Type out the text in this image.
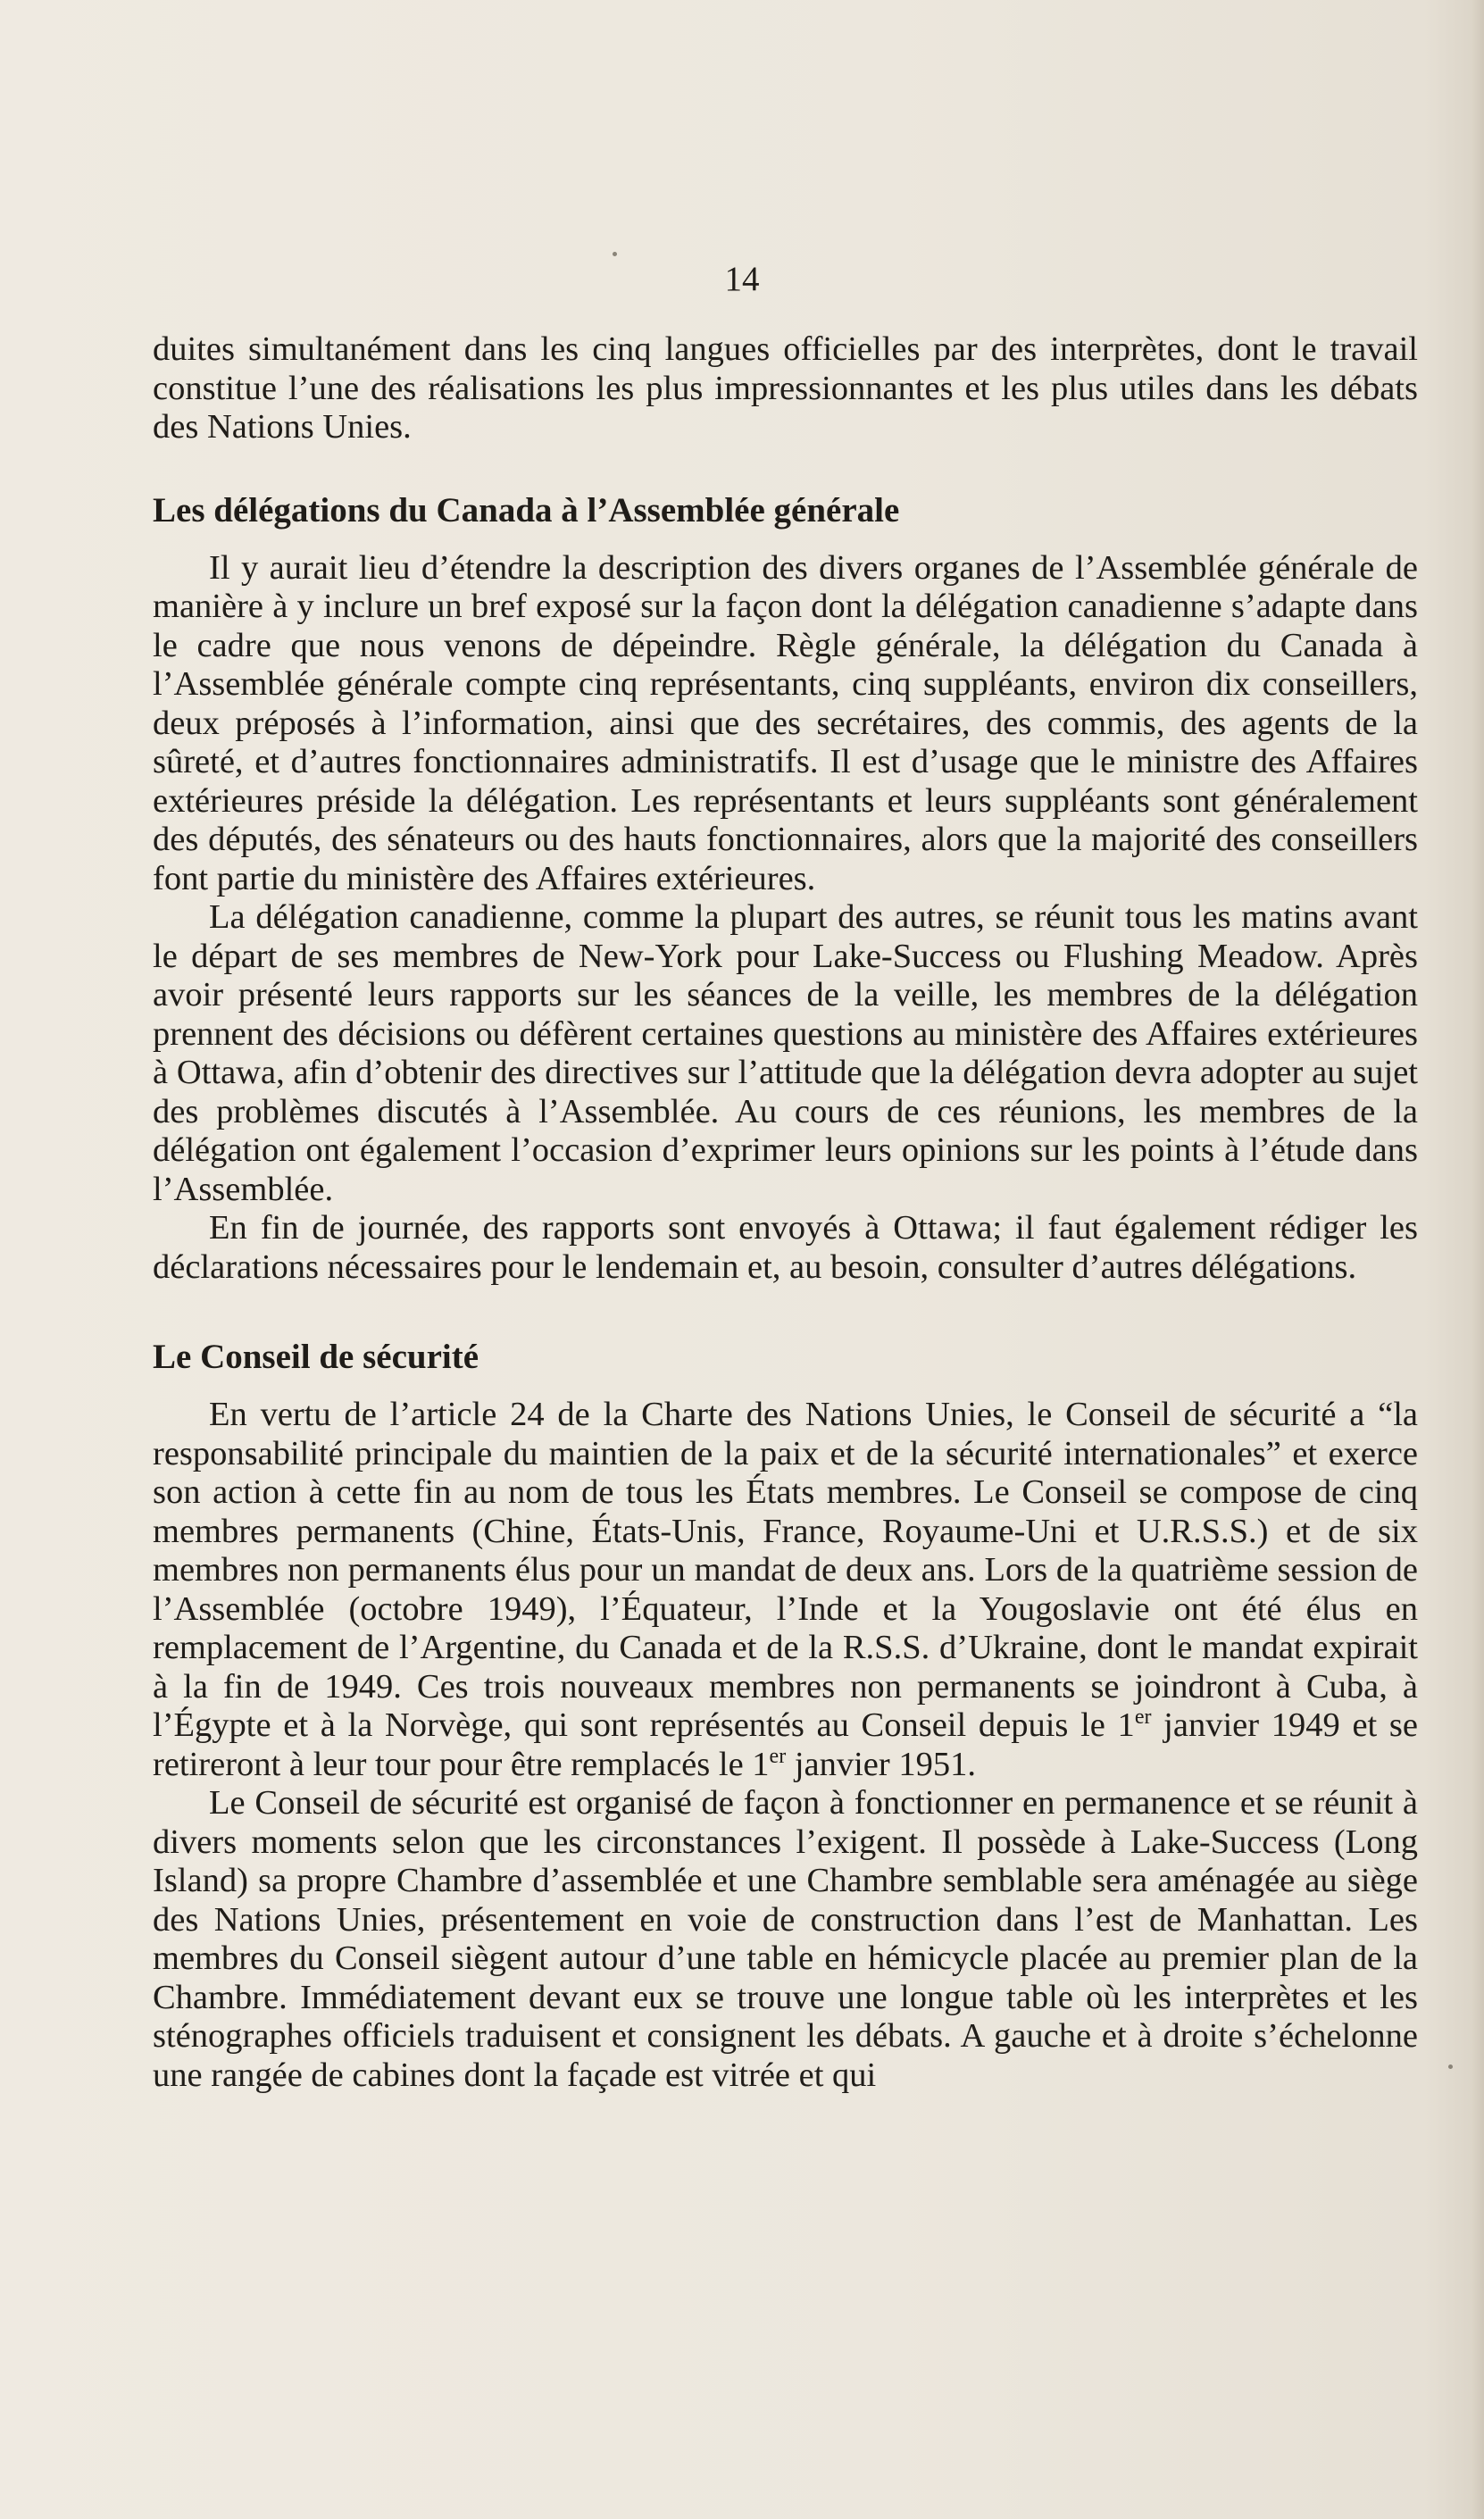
14

duites simultanément dans les cinq langues officielles par des interprètes, dont le travail constitue l’une des réalisations les plus impressionnantes et les plus utiles dans les débats des Nations Unies.

Les délégations du Canada à l’Assemblée générale

Il y aurait lieu d’étendre la description des divers organes de l’Assemblée générale de manière à y inclure un bref exposé sur la façon dont la délégation canadienne s’adapte dans le cadre que nous venons de dépeindre. Règle générale, la délégation du Canada à l’Assemblée générale compte cinq représentants, cinq suppléants, environ dix conseillers, deux préposés à l’information, ainsi que des secrétaires, des commis, des agents de la sûreté, et d’autres fonctionnaires administratifs. Il est d’usage que le ministre des Affaires extérieures préside la délégation. Les représentants et leurs suppléants sont généralement des députés, des sénateurs ou des hauts fonctionnaires, alors que la majorité des conseillers font partie du ministère des Affaires extérieures.

La délégation canadienne, comme la plupart des autres, se réunit tous les matins avant le départ de ses membres de New-York pour Lake-Success ou Flushing Meadow. Après avoir présenté leurs rapports sur les séances de la veille, les membres de la délégation prennent des décisions ou défèrent certaines questions au ministère des Affaires extérieures à Ottawa, afin d’obtenir des directives sur l’attitude que la délégation devra adopter au sujet des problèmes discutés à l’Assemblée. Au cours de ces réunions, les membres de la délégation ont également l’occasion d’exprimer leurs opinions sur les points à l’étude dans l’Assemblée.

En fin de journée, des rapports sont envoyés à Ottawa; il faut également rédiger les déclarations nécessaires pour le lendemain et, au besoin, consulter d’autres délégations.

Le Conseil de sécurité

En vertu de l’article 24 de la Charte des Nations Unies, le Conseil de sécurité a “la responsabilité principale du maintien de la paix et de la sécurité internationales” et exerce son action à cette fin au nom de tous les États membres. Le Conseil se compose de cinq membres permanents (Chine, États-Unis, France, Royaume-Uni et U.R.S.S.) et de six membres non permanents élus pour un mandat de deux ans. Lors de la quatrième session de l’Assemblée (octobre 1949), l’Équateur, l’Inde et la Yougoslavie ont été élus en remplacement de l’Argentine, du Canada et de la R.S.S. d’Ukraine, dont le mandat expirait à la fin de 1949. Ces trois nouveaux membres non permanents se joindront à Cuba, à l’Égypte et à la Norvège, qui sont représentés au Conseil depuis le 1er janvier 1949 et se retireront à leur tour pour être remplacés le 1er janvier 1951.

Le Conseil de sécurité est organisé de façon à fonctionner en permanence et se réunit à divers moments selon que les circonstances l’exigent. Il possède à Lake-Success (Long Island) sa propre Chambre d’assemblée et une Chambre semblable sera aménagée au siège des Nations Unies, présentement en voie de construction dans l’est de Manhattan. Les membres du Conseil siègent autour d’une table en hémicycle placée au premier plan de la Chambre. Immédiatement devant eux se trouve une longue table où les interprètes et les sténographes officiels traduisent et consignent les débats. A gauche et à droite s’échelonne une rangée de cabines dont la façade est vitrée et qui
